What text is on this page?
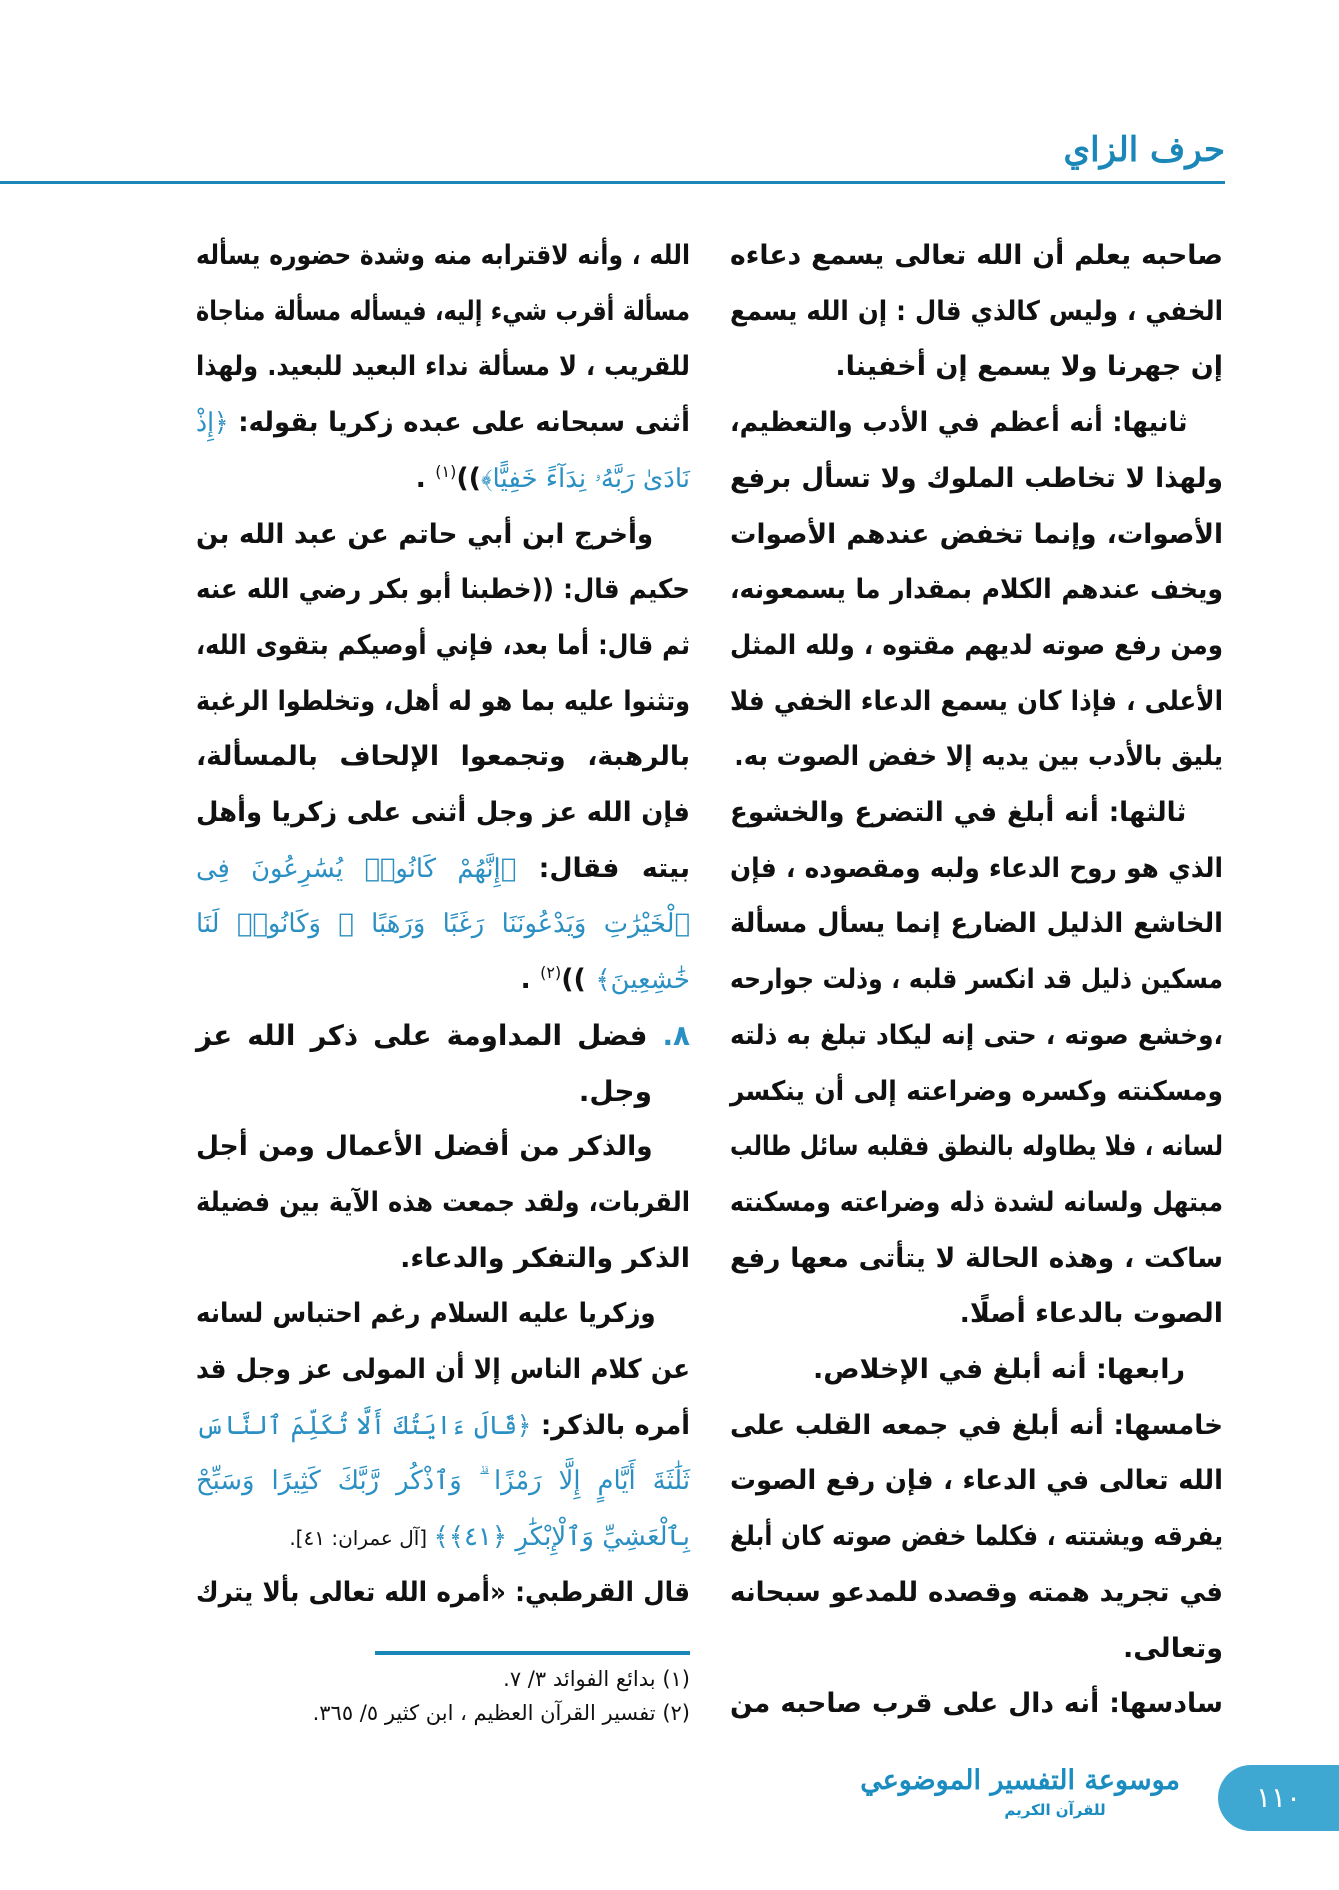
حرف الزاي
صاحبه يعلم أن الله تعالى يسمع دعاءه
الخفي ، وليس كالذي قال : إن الله يسمع
إن جهرنا ولا يسمع إن أخفينا.
ثانيها: أنه أعظم في الأدب والتعظيم،
ولهذا لا تخاطب الملوك ولا تسأل برفع
الأصوات، وإنما تخفض عندهم الأصوات
ويخف عندهم الكلام بمقدار ما يسمعونه،
ومن رفع صوته لديهم مقتوه ، ولله المثل
الأعلى ، فإذا كان يسمع الدعاء الخفي فلا
يليق بالأدب بين يديه إلا خفض الصوت به.
ثالثها: أنه أبلغ في التضرع والخشوع
الذي هو روح الدعاء ولبه ومقصوده ، فإن
الخاشع الذليل الضارع إنما يسأل مسألة
مسكين ذليل قد انكسر قلبه ، وذلت جوارحه
،وخشع صوته ، حتى إنه ليكاد تبلغ به ذلته
ومسكنته وكسره وضراعته إلى أن ينكسر
لسانه ، فلا يطاوله بالنطق فقلبه سائل طالب
مبتهل ولسانه لشدة ذله وضراعته ومسكنته
ساكت ، وهذه الحالة لا يتأتى معها رفع
الصوت بالدعاء أصلًا.
رابعها: أنه أبلغ في الإخلاص.
خامسها: أنه أبلغ في جمعه القلب على
الله تعالى في الدعاء ، فإن رفع الصوت
يفرقه ويشتته ، فكلما خفض صوته كان أبلغ
في تجريد همته وقصده للمدعو سبحانه
وتعالى.
سادسها: أنه دال على قرب صاحبه من
الله ، وأنه لاقترابه منه وشدة حضوره يسأله
مسألة أقرب شيء إليه، فيسأله مسألة مناجاة
للقريب ، لا مسألة نداء البعيد للبعيد. ولهذا
أثنى سبحانه على عبده زكريا بقوله: ﴿إِذْ
نَادَىٰ رَبَّهُۥ نِدَآءً خَفِيًّا﴾))$^{(١)}$ .
وأخرج ابن أبي حاتم عن عبد الله بن
حكيم قال: ((خطبنا أبو بكر رضي الله عنه
ثم قال: أما بعد، فإني أوصيكم بتقوى الله،
وتثنوا عليه بما هو له أهل، وتخلطوا الرغبة
بالرهبة، وتجمعوا الإلحاف بالمسألة،
فإن الله عز وجل أثنى على زكريا وأهل
بيته فقال: ﴿إِنَّهُمْ كَانُوا۟ يُسَٰرِعُونَ فِى
ٱلْخَيْرَٰتِ وَيَدْعُونَنَا رَغَبًا وَرَهَبًا ۖ وَكَانُوا۟ لَنَا
خَٰشِعِينَ﴾ ))$^{(٢)}$ .
٨. فضل المداومة على ذكر الله عز
وجل.
والذكر من أفضل الأعمال ومن أجل
القربات، ولقد جمعت هذه الآية بين فضيلة
الذكر والتفكر والدعاء.
وزكريا عليه السلام رغم احتباس لسانه
عن كلام الناس إلا أن المولى عز وجل قد
أمره بالذكر: ﴿قَالَ ءَايَتُكَ أَلَّا تُكَلِّمَ ٱلنَّاسَ
ثَلَٰثَةَ أَيَّامٍ إِلَّا رَمْزًا ۗ وَٱذْكُر رَّبَّكَ كَثِيرًا وَسَبِّحْ
بِٱلْعَشِيِّ وَٱلْإِبْكَٰرِ ﴿٤١﴾﴾ [آل عمران: ٤١].
قال القرطبي: «أمره الله تعالى بألا يترك
(١) بدائع الفوائد ٣/ ٧.
(٢) تفسير القرآن العظيم ، ابن كثير ٥/ ٣٦٥.
موسوعة التفسير الموضوعي
للقرآن الكريم	١١٠
